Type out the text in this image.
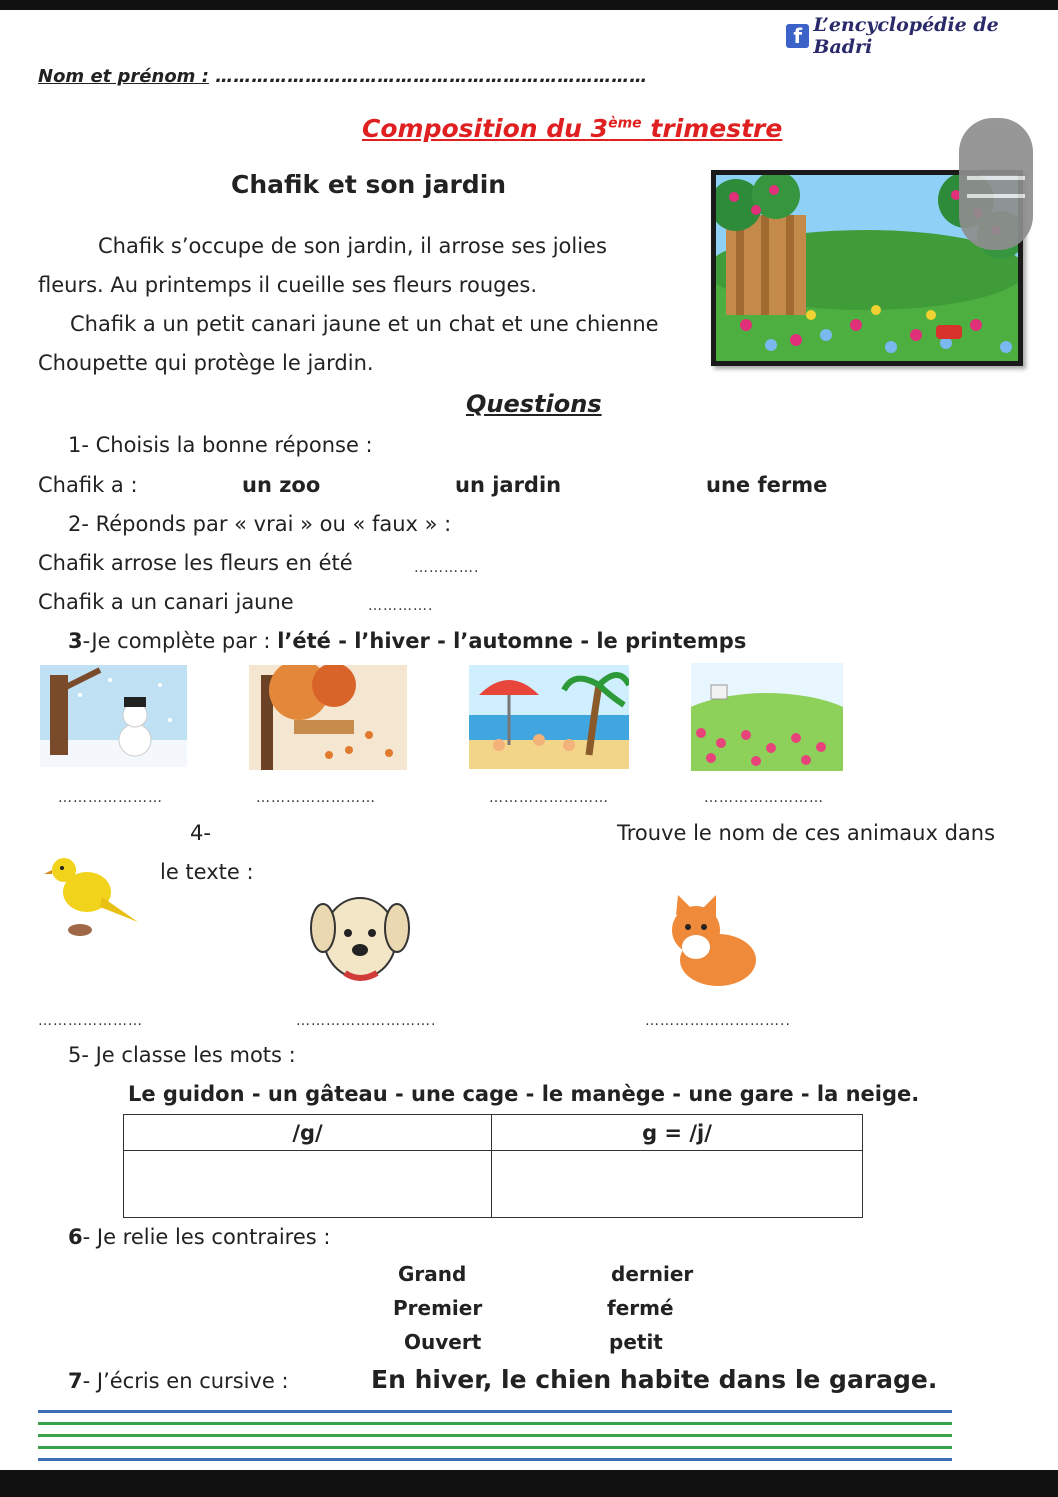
f L’encyclopédie de Badri
Nom et prénom : ………………………………………………………………
Composition du 3ème trimestre
Chafik et son jardin
Chafik s’occupe de son jardin, il arrose ses jolies
fleurs. Au printemps il cueille ses fleurs rouges.
Chafik a un petit canari jaune et un chat et une chienne
Choupette qui protège le jardin.
Questions
1- Choisis la bonne réponse :
Chafik a :	un zoo	un jardin	une ferme
2- Réponds par « vrai » ou « faux » :
Chafik arrose les fleurs en été	………….
Chafik a un canari jaune	………….
3-Je complète par : l’été - l’hiver - l’automne - le printemps
…………………	……………………	……………………	……………………
4-	Trouve le nom de ces animaux dans
le texte :
…………………	……………………….	………………………..
5- Je classe les mots :
Le guidon - un gâteau - une cage - le manège - une gare - la neige.
/g/	g = /j/

6- Je relie les contraires :
Grand
Premier
Ouvert
dernier
fermé
petit
7- J’écris en cursive :	En hiver, le chien habite dans le garage.
